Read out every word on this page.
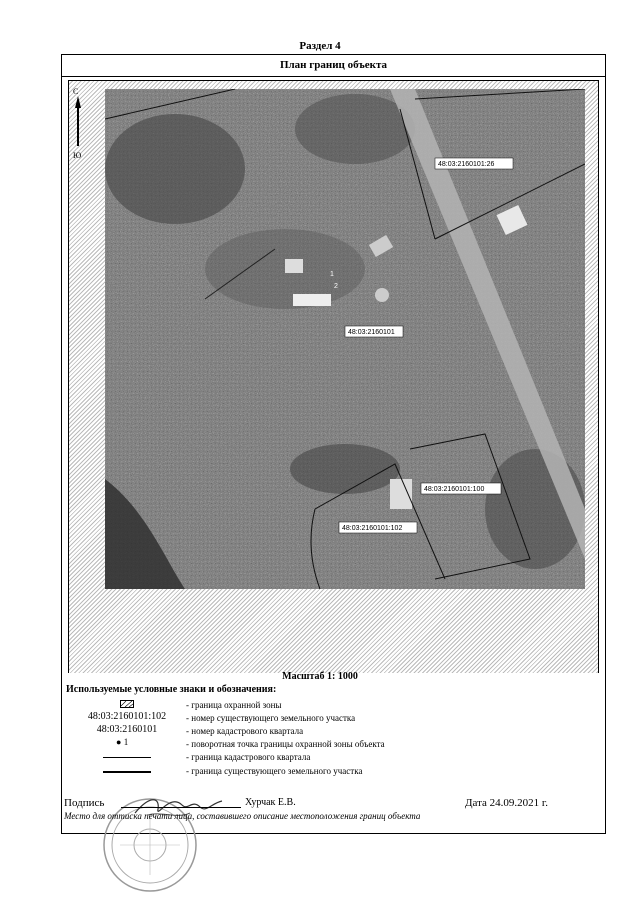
Раздел 4
План границ объекта
С
Ю
1
2
48:03:2160101:26
48:03:2160101
48:03:2160101:100
48:03:2160101:102
Масштаб 1: 1000
Используемые условные знаки и обозначения:
48:03:2160101:102
48:03:2160101
● 1
- граница охранной зоны
- номер существующего земельного участка
- номер кадастрового квартала
- поворотная точка границы охранной зоны объекта
- граница кадастрового квартала
- граница существующего земельного участка
Подпись	Хурчак Е.В.	Дата 24.09.2021 г.
Место для оттиска печати лица, составившего описание местоположения границ объекта
